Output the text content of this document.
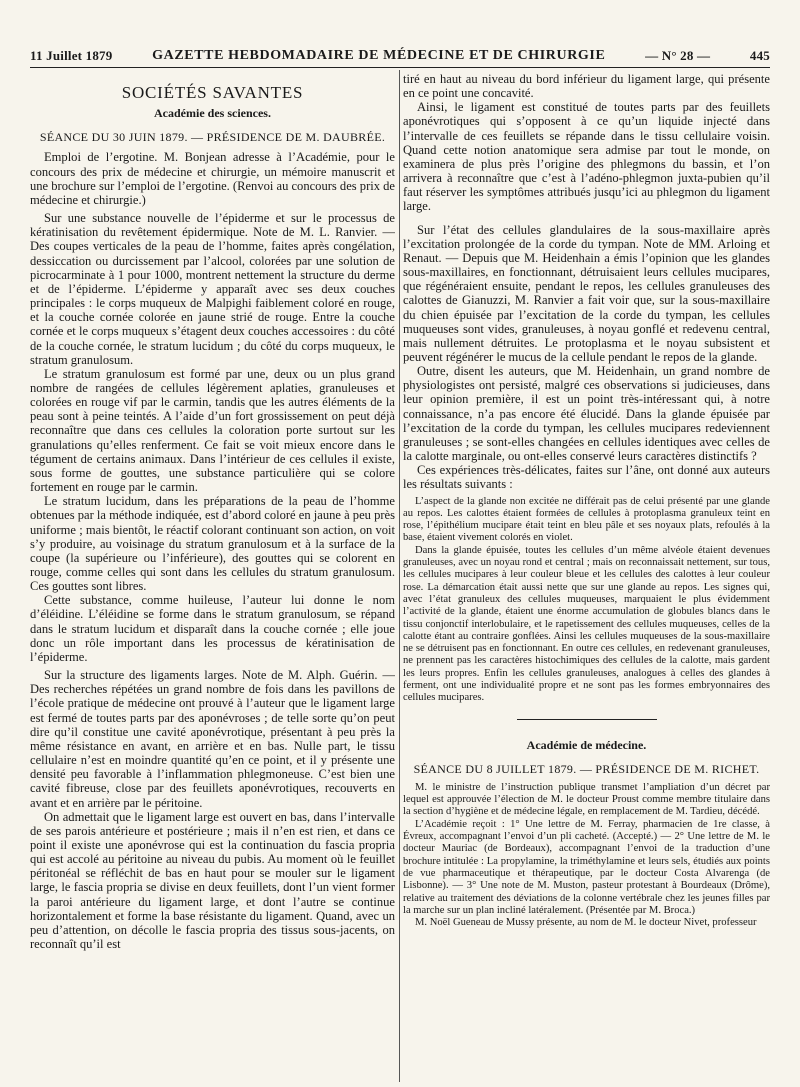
11 Juillet 1879	GAZETTE HEBDOMADAIRE DE MÉDECINE ET DE CHIRURGIE	— N° 28 —	445
SOCIÉTÉS SAVANTES
Académie des sciences.
SÉANCE DU 30 JUIN 1879. — PRÉSIDENCE DE M. DAUBRÉE.

Emploi de l’ergotine. M. Bonjean adresse à l’Académie, pour le concours des prix de médecine et chirurgie, un mémoire manuscrit et une brochure sur l’emploi de l’ergotine. (Renvoi au concours des prix de médecine et chirurgie.)

Sur une substance nouvelle de l’épiderme et sur le processus de kératinisation du revêtement épidermique. Note de M. L. Ranvier. — Des coupes verticales de la peau de l’homme, faites après congélation, dessiccation ou durcissement par l’alcool, colorées par une solution de picrocarminate à 1 pour 1000, montrent nettement la structure du derme et de l’épiderme. L’épiderme y apparaît avec ses deux couches principales : le corps muqueux de Malpighi faiblement coloré en rouge, et la couche cornée colorée en jaune strié de rouge. Entre la couche cornée et le corps muqueux s’étagent deux couches accessoires : du côté de la couche cornée, le stratum lucidum ; du côté du corps muqueux, le stratum granulosum.

Le stratum granulosum est formé par une, deux ou un plus grand nombre de rangées de cellules légèrement aplaties, granuleuses et colorées en rouge vif par le carmin, tandis que les autres éléments de la peau sont à peine teintés. A l’aide d’un fort grossissement on peut déjà reconnaître que dans ces cellules la coloration porte surtout sur les granulations qu’elles renferment. Ce fait se voit mieux encore dans le tégument de certains animaux. Dans l’intérieur de ces cellules il existe, sous forme de gouttes, une substance particulière qui se colore fortement en rouge par le carmin.

Le stratum lucidum, dans les préparations de la peau de l’homme obtenues par la méthode indiquée, est d’abord coloré en jaune à peu près uniforme ; mais bientôt, le réactif colorant continuant son action, on voit s’y produire, au voisinage du stratum granulosum et à la surface de la coupe (la supérieure ou l’inférieure), des gouttes qui se colorent en rouge, comme celles qui sont dans les cellules du stratum granulosum. Ces gouttes sont libres.

Cette substance, comme huileuse, l’auteur lui donne le nom d’éléidine. L’éléidine se forme dans le stratum granulosum, se répand dans le stratum lucidum et disparaît dans la couche cornée ; elle joue donc un rôle important dans les processus de kératinisation de l’épiderme.

Sur la structure des ligaments larges. Note de M. Alph. Guérin. — Des recherches répétées un grand nombre de fois dans les pavillons de l’école pratique de médecine ont prouvé à l’auteur que le ligament large est fermé de toutes parts par des aponévroses ; de telle sorte qu’on peut dire qu’il constitue une cavité aponévrotique, présentant à peu près la même résistance en avant, en arrière et en bas. Nulle part, le tissu cellulaire n’est en moindre quantité qu’en ce point, et il y présente une densité peu favorable à l’inflammation phlegmoneuse. C’est bien une cavité fibreuse, close par des feuillets aponévrotiques, recouverts en avant et en arrière par le péritoine.

On admettait que le ligament large est ouvert en bas, dans l’intervalle de ses parois antérieure et postérieure ; mais il n’en est rien, et dans ce point il existe une aponévrose qui est la continuation du fascia propria qui est accolé au péritoine au niveau du pubis. Au moment où le feuillet péritonéal se réfléchit de bas en haut pour se mouler sur le ligament large, le fascia propria se divise en deux feuillets, dont l’un vient former la paroi antérieure du ligament large, et dont l’autre se continue horizontalement et forme la base résistante du ligament. Quand, avec un peu d’attention, on décolle le fascia propria des tissus sous-jacents, on reconnaît qu’il est

tiré en haut au niveau du bord inférieur du ligament large, qui présente en ce point une concavité.

Ainsi, le ligament est constitué de toutes parts par des feuillets aponévrotiques qui s’opposent à ce qu’un liquide injecté dans l’intervalle de ces feuillets se répande dans le tissu cellulaire voisin. Quand cette notion anatomique sera admise par tout le monde, on examinera de plus près l’origine des phlegmons du bassin, et l’on arrivera à reconnaître que c’est à l’adéno-phlegmon juxta-pubien qu’il faut réserver les symptômes attribués jusqu’ici au phlegmon du ligament large.

Sur l’état des cellules glandulaires de la sous-maxillaire après l’excitation prolongée de la corde du tympan. Note de MM. Arloing et Renaut. — Depuis que M. Heidenhain a émis l’opinion que les glandes sous-maxillaires, en fonctionnant, détruisaient leurs cellules mucipares, que régénéraient ensuite, pendant le repos, les cellules granuleuses des calottes de Gianuzzi, M. Ranvier a fait voir que, sur la sous-maxillaire du chien épuisée par l’excitation de la corde du tympan, les cellules muqueuses sont vides, granuleuses, à noyau gonflé et redevenu central, mais nullement détruites. Le protoplasma et le noyau subsistent et peuvent régénérer le mucus de la cellule pendant le repos de la glande.

Outre, disent les auteurs, que M. Heidenhain, un grand nombre de physiologistes ont persisté, malgré ces observations si judicieuses, dans leur opinion première, il est un point très-intéressant qui, à notre connaissance, n’a pas encore été élucidé. Dans la glande épuisée par l’excitation de la corde du tympan, les cellules mucipares redeviennent granuleuses ; se sont-elles changées en cellules identiques avec celles de la calotte marginale, ou ont-elles conservé leurs caractères distinctifs ?

Ces expériences très-délicates, faites sur l’âne, ont donné aux auteurs les résultats suivants :

L’aspect de la glande non excitée ne différait pas de celui présenté par une glande au repos. Les calottes étaient formées de cellules à protoplasma granuleux teint en rose, l’épithélium mucipare était teint en bleu pâle et ses noyaux plats, refoulés à la base, étaient vivement colorés en violet.

Dans la glande épuisée, toutes les cellules d’un même alvéole étaient devenues granuleuses, avec un noyau rond et central ; mais on reconnaissait nettement, sur tous, les cellules mucipares à leur couleur bleue et les cellules des calottes à leur couleur rose. La démarcation était aussi nette que sur une glande au repos. Les signes qui, avec l’état granuleux des cellules muqueuses, marquaient le plus évidemment l’activité de la glande, étaient une énorme accumulation de globules blancs dans le tissu conjonctif interlobulaire, et le rapetissement des cellules muqueuses, celles de la calotte étant au contraire gonflées. Ainsi les cellules muqueuses de la sous-maxillaire ne se détruisent pas en fonctionnant. En outre ces cellules, en redevenant granuleuses, ne prennent pas les caractères histochimiques des cellules de la calotte, mais gardent les leurs propres. Enfin les cellules granuleuses, analogues à celles des glandes à ferment, ont une individualité propre et ne sont pas les formes embryonnaires des cellules mucipares.

Académie de médecine.
SÉANCE DU 8 JUILLET 1879. — PRÉSIDENCE DE M. RICHET.

M. le ministre de l’instruction publique transmet l’ampliation d’un décret par lequel est approuvée l’élection de M. le docteur Proust comme membre titulaire dans la section d’hygiène et de médecine légale, en remplacement de M. Tardieu, décédé.

L’Académie reçoit : 1° Une lettre de M. Ferray, pharmacien de 1re classe, à Évreux, accompagnant l’envoi d’un pli cacheté. (Accepté.) — 2° Une lettre de M. le docteur Mauriac (de Bordeaux), accompagnant l’envoi de la traduction d’une brochure intitulée : La propylamine, la triméthylamine et leurs sels, étudiés aux points de vue pharmaceutique et thérapeutique, par le docteur Costa Alvarenga (de Lisbonne). — 3° Une note de M. Muston, pasteur protestant à Bourdeaux (Drôme), relative au traitement des déviations de la colonne vertébrale chez les jeunes filles par la marche sur un plan incliné latéralement. (Présentée par M. Broca.)

M. Noël Gueneau de Mussy présente, au nom de M. le docteur Nivet, professeur
